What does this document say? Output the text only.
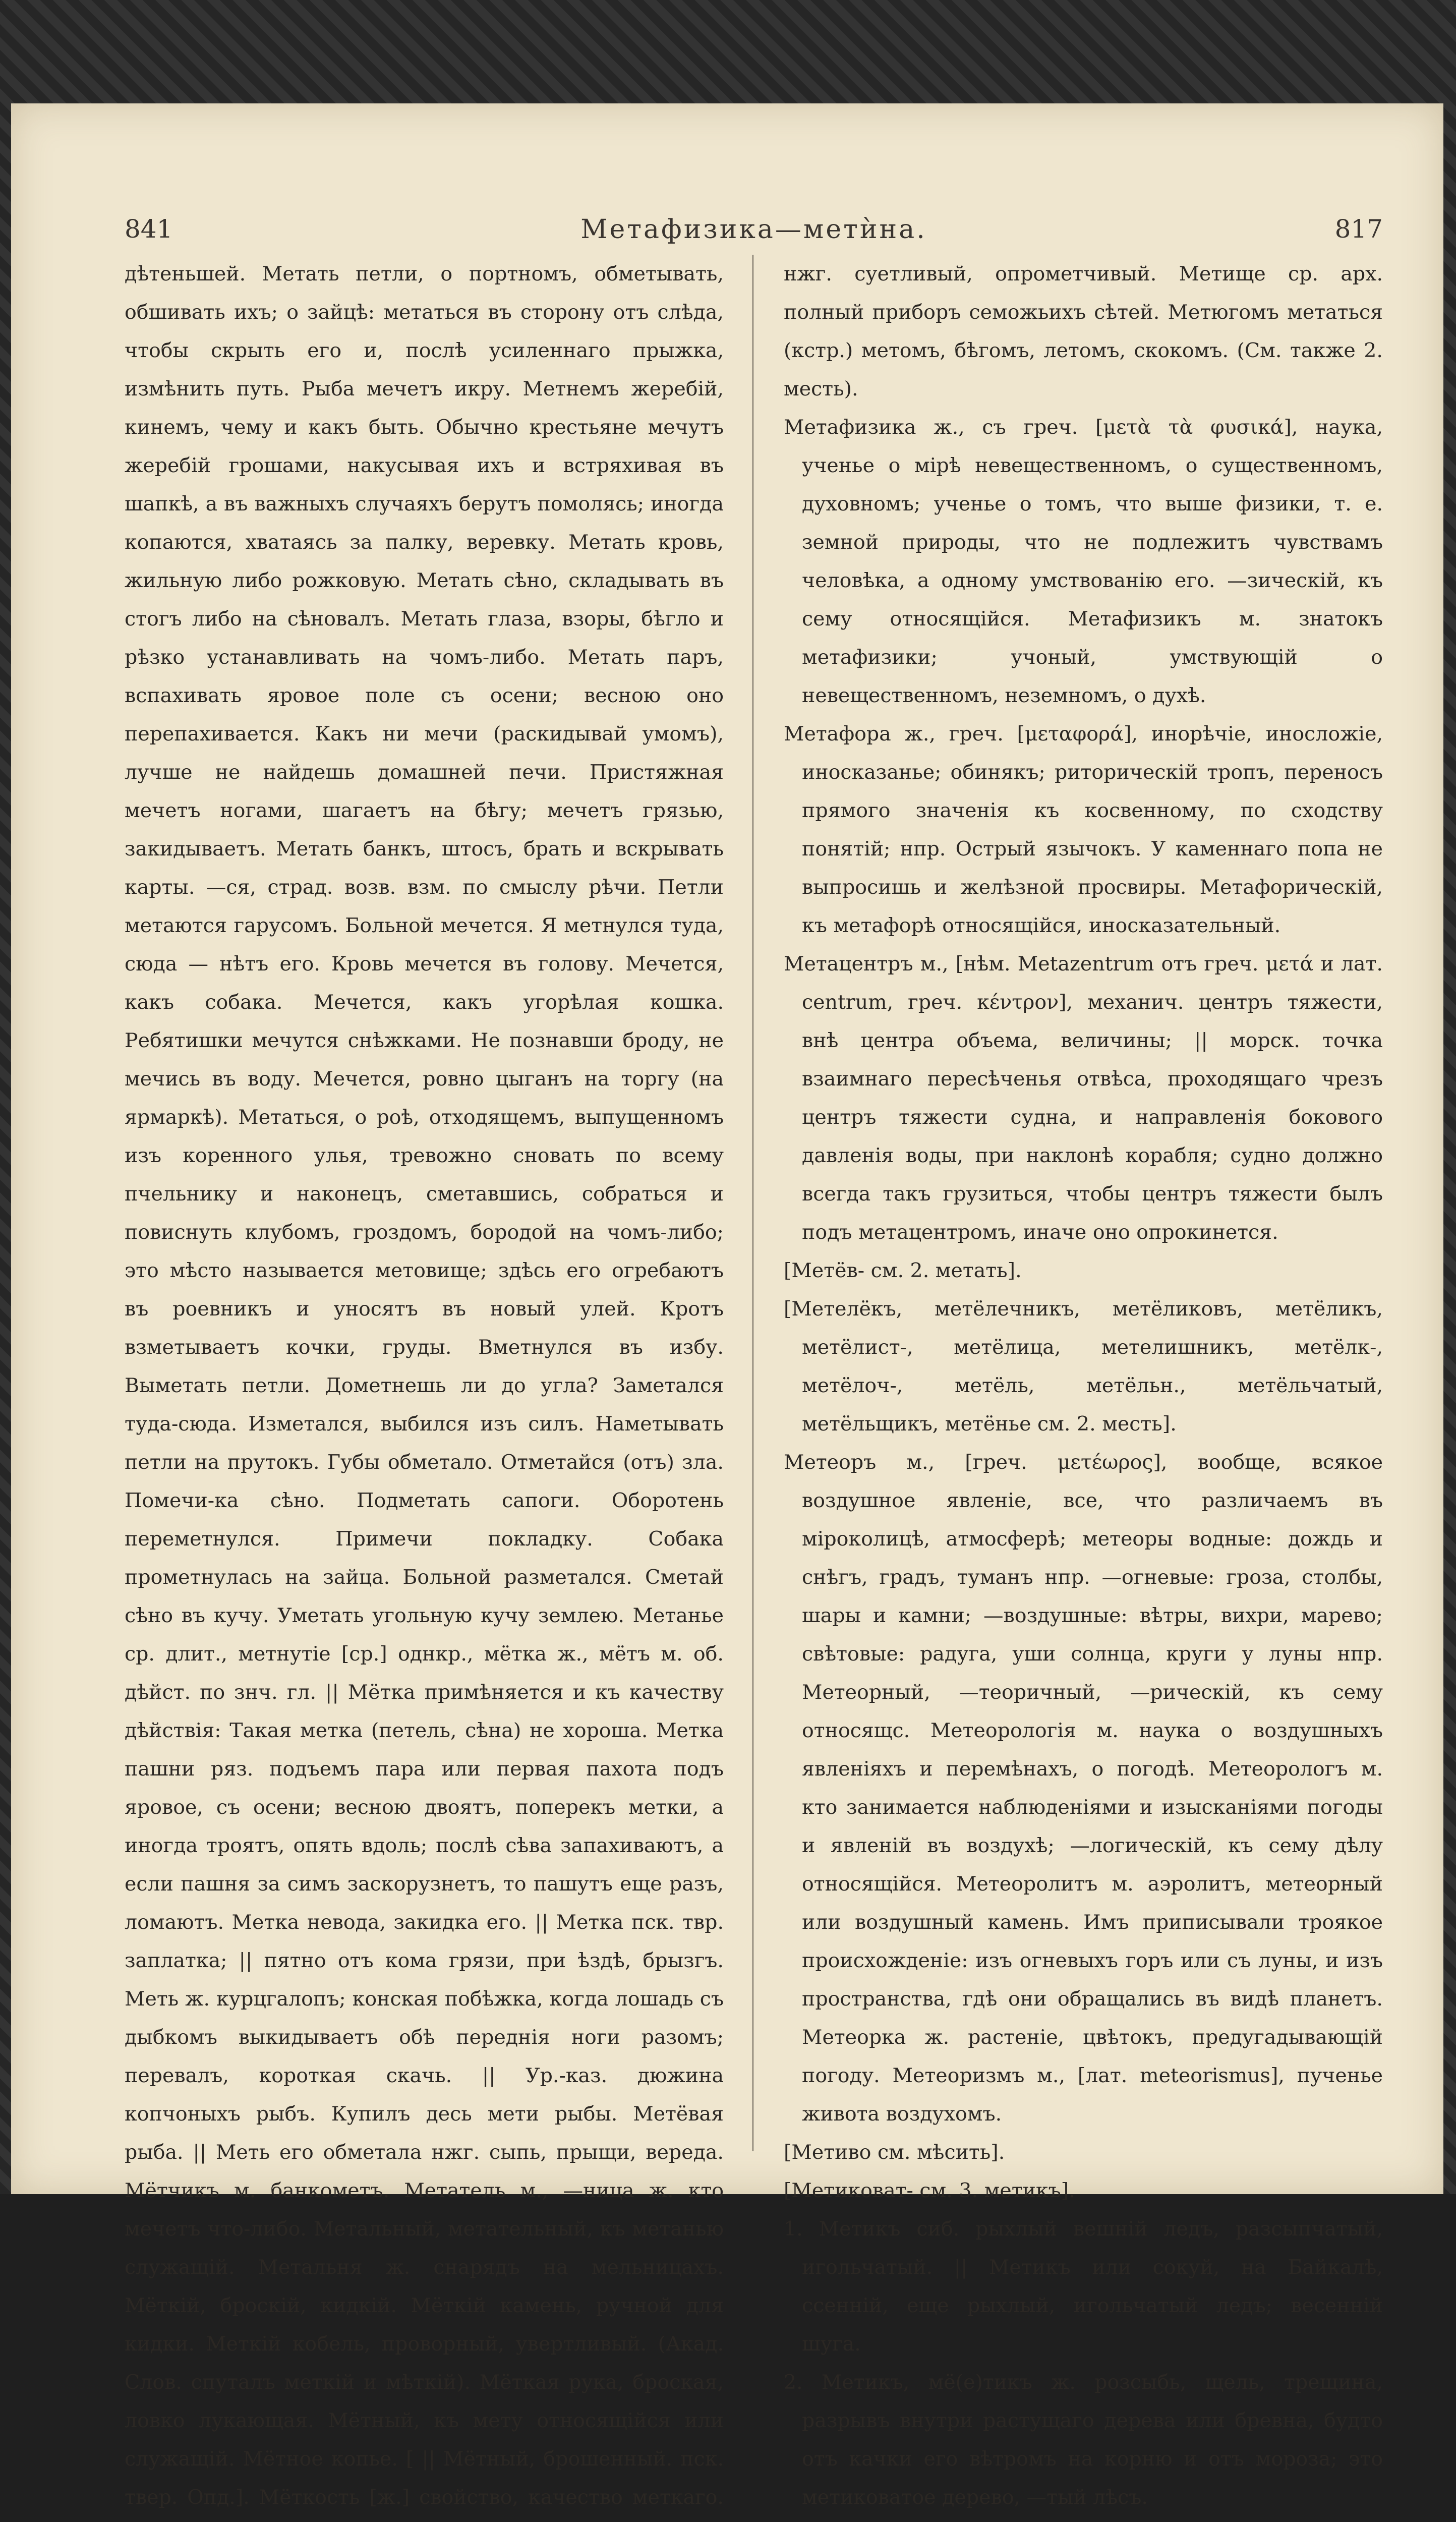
841	Метафизика—метѝна.	817

дѣтеньшей. Метать петли, о портномъ, обметывать, обшивать ихъ; о зайцѣ: метаться въ сторону отъ слѣда, чтобы скрыть его и, послѣ усиленнаго прыжка, измѣнить путь. Рыба мечетъ икру. Метнемъ жеребій, кинемъ, чему и какъ быть. Обычно крестьяне мечутъ жеребій грошами, накусывая ихъ и встряхивая въ шапкѣ, а въ важныхъ случаяхъ берутъ помолясь; иногда копаются, хватаясь за палку, веревку. Метать кровь, жильную либо рожковую. Метать сѣно, складывать въ стогъ либо на сѣновалъ. Метать глаза, взоры, бѣгло и рѣзко устанавливать на чомъ-либо. Метать паръ, вспахивать яровое поле съ осени; весною оно перепахивается. Какъ ни мечи (раскидывай умомъ), лучше не найдешь домашней печи. Пристяжная мечетъ ногами, шагаетъ на бѣгу; мечетъ грязью, закидываетъ. Метать банкъ, штосъ, брать и вскрывать карты. —ся, страд. возв. взм. по смыслу рѣчи. Петли метаются гарусомъ. Больной мечется. Я метнулся туда, сюда — нѣтъ его. Кровь мечется въ голову. Мечется, какъ собака. Мечется, какъ угорѣлая кошка. Ребятишки мечутся снѣжками. Не познавши броду, не мечись въ воду. Мечется, ровно цыганъ на торгу (на ярмаркѣ). Метаться, о роѣ, отходящемъ, выпущенномъ изъ коренного улья, тревожно сновать по всему пчельнику и наконецъ, сметавшись, собраться и повиснуть клубомъ, гроздомъ, бородой на чомъ-либо; это мѣсто называется метовище; здѣсь его огребаютъ въ роевникъ и уносятъ въ новый улей. Кротъ взметываетъ кочки, груды. Вметнулся въ избу. Выметать петли. Дометнешь ли до угла? Заметался туда-сюда. Изметался, выбился изъ силъ. Наметывать петли на прутокъ. Губы обметало. Отметайся (отъ) зла. Помечи-ка сѣно. Подметать сапоги. Оборотень переметнулся. Примечи покладку. Собака прометнулась на зайца. Больной разметался. Сметай сѣно въ кучу. Уметать угольную кучу землею. Метанье ср. длит., метнутіе [ср.] однкр., мётка ж., мётъ м. об. дѣйст. по знч. гл. || Мётка примѣняется и къ качеству дѣйствія: Такая метка (петель, сѣна) не хороша. Метка пашни ряз. подъемъ пара или первая пахота подъ яровое, съ осени; весною двоятъ, поперекъ метки, а иногда троятъ, опять вдоль; послѣ сѣва запахиваютъ, а если пашня за симъ заскорузнетъ, то пашутъ еще разъ, ломаютъ. Метка невода, закидка его. || Метка пск. твр. заплатка; || пятно отъ кома грязи, при ѣздѣ, брызгъ. Меть ж. курцгалопъ; конская побѣжка, когда лошадь съ дыбкомъ выкидываетъ обѣ переднія ноги разомъ; перевалъ, короткая скачь. || Ур.-каз. дюжина копчоныхъ рыбъ. Купилъ десь мети рыбы. Метёвая рыба. || Меть его обметала нжг. сыпь, прыщи, вереда. Мётчикъ м. банкометъ. Метатель м., —ница ж. кто мечетъ что-либо. Метальный, метательный, къ метанью служащій. Метальня ж. снарядъ на мельницахъ. Мёткій, броскій, кидкій. Мёткій камень, ручной для кидки. Меткій кобель, проворный, увертливый. (Акад. Слов. спуталъ меткій и мѣткій). Мёткая рука, броская, ловко лукающая. Мётный, къ мету относящійся или служащій. Мётное копье. [ || Мётный, брошенный. пск. твер. Опд.]. Мёткость [ж.] свойство, качество меткаго.

нжг. суетливый, опрометчивый. Метище ср. арх. полный приборъ семожьихъ сѣтей. Метюгомъ метаться (кстр.) метомъ, бѣгомъ, летомъ, скокомъ. (См. также 2. месть).

Метафизика ж., съ греч. [μετὰ τὰ φυσικά], наука, ученье о мірѣ невещественномъ, о существенномъ, духовномъ; ученье о томъ, что выше физики, т. е. земной природы, что не подлежитъ чувствамъ человѣка, а одному умствованію его. —зическій, къ сему относящійся. Метафизикъ м. знатокъ метафизики; учоный, умствующій о невещественномъ, неземномъ, о духѣ.

Метафора ж., греч. [μεταφορά], инорѣчіе, иносложіе, иносказанье; обинякъ; риторическій тропъ, переносъ прямого значенія къ косвенному, по сходству понятій; нпр. Острый язычокъ. У каменнаго попа не выпросишь и желѣзной просвиры. Метафорическій, къ метафорѣ относящійся, иносказательный.

Метацентръ м., [нѣм. Metazentrum отъ греч. μετά и лат. centrum, греч. κέντρον], механич. центръ тяжести, внѣ центра объема, величины; || морск. точка взаимнаго пересѣченья отвѣса, проходящаго чрезъ центръ тяжести судна, и направленія бокового давленія воды, при наклонѣ корабля; судно должно всегда такъ грузиться, чтобы центръ тяжести былъ подъ метацентромъ, иначе оно опрокинется.

[Метёв- см. 2. метать].

[Метелёкъ, метёлечникъ, метёликовъ, метёликъ, метёлист-, метёлица, метелишникъ, метёлк-, метёлоч-, метёль, метёльн., метёльчатый, метёльщикъ, метёнье см. 2. месть].

Метеоръ м., [греч. μετέωρος], вообще, всякое воздушное явленіе, все, что различаемъ въ міроколицѣ, атмосферѣ; метеоры водные: дождь и снѣгъ, градъ, туманъ нпр. —огневые: гроза, столбы, шары и камни; —воздушные: вѣтры, вихри, марево; свѣтовые: радуга, уши солнца, круги у луны нпр. Метеорный, —теоричный, —рическій, къ сему относящс. Метеорологія м. наука о воздушныхъ явленіяхъ и перемѣнахъ, о погодѣ. Метеорологъ м. кто занимается наблюденіями и изысканіями погоды и явленій въ воздухѣ; —логическій, къ сему дѣлу относящійся. Метеоролитъ м. аэролитъ, метеорный или воздушный камень. Имъ приписывали троякое происхожденіе: изъ огневыхъ горъ или съ луны, и изъ пространства, гдѣ они обращались въ видѣ планетъ. Метеорка ж. растеніе, цвѣтокъ, предугадывающій погоду. Метеоризмъ м., [лат. meteorismus], пученье живота воздухомъ.

[Метиво см. мѣсить].

[Метиковат- см. 3. метикъ].

1. Метикъ сиб. рыхлый вешній ледъ, разсыпчатый, игольчатый. || Метикъ или сокуй, на Байкалѣ, ссенній, еще рыхлый, игольчатый ледъ; весенній шуга.

2. Метикъ, мё(е)тикъ ж. розсыбь, щель, трещина, разрывъ внутри растущаго дерева или бревна, будто отъ качки его вѣтромъ на корню и отъ мороза; это метиковатое дерево, —тый лѣсъ.
